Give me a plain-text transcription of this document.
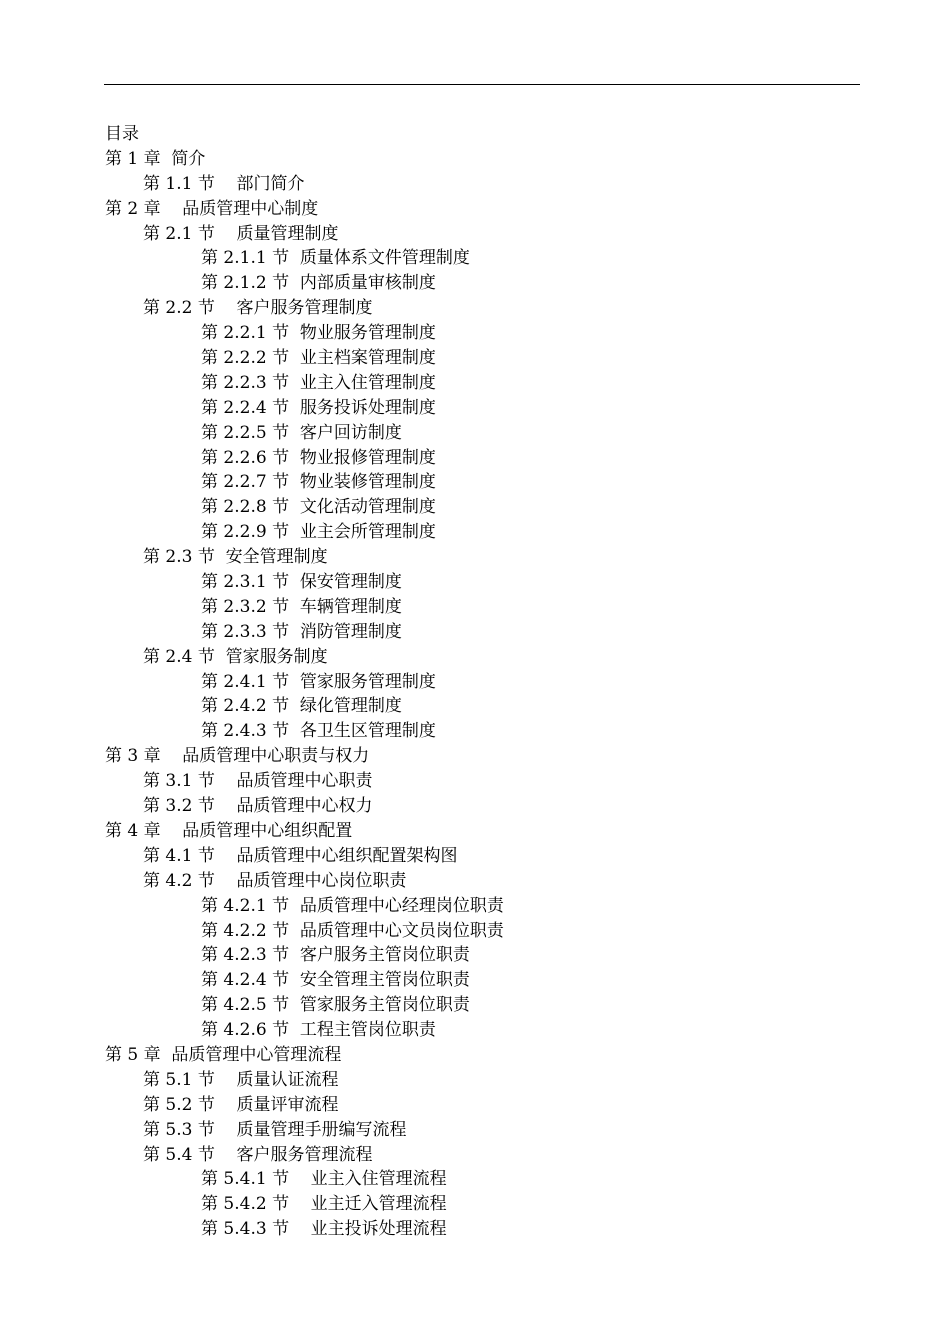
目录
第 1 章  简介
第 1.1 节    部门简介
第 2 章    品质管理中心制度
第 2.1 节    质量管理制度
第 2.1.1 节  质量体系文件管理制度
第 2.1.2 节  内部质量审核制度
第 2.2 节    客户服务管理制度
第 2.2.1 节  物业服务管理制度
第 2.2.2 节  业主档案管理制度
第 2.2.3 节  业主入住管理制度
第 2.2.4 节  服务投诉处理制度
第 2.2.5 节  客户回访制度
第 2.2.6 节  物业报修管理制度
第 2.2.7 节  物业装修管理制度
第 2.2.8 节  文化活动管理制度
第 2.2.9 节  业主会所管理制度
第 2.3 节  安全管理制度
第 2.3.1 节  保安管理制度
第 2.3.2 节  车辆管理制度
第 2.3.3 节  消防管理制度
第 2.4 节  管家服务制度
第 2.4.1 节  管家服务管理制度
第 2.4.2 节  绿化管理制度
第 2.4.3 节  各卫生区管理制度
第 3 章    品质管理中心职责与权力
第 3.1 节    品质管理中心职责
第 3.2 节    品质管理中心权力
第 4 章    品质管理中心组织配置
第 4.1 节    品质管理中心组织配置架构图
第 4.2 节    品质管理中心岗位职责
第 4.2.1 节  品质管理中心经理岗位职责
第 4.2.2 节  品质管理中心文员岗位职责
第 4.2.3 节  客户服务主管岗位职责
第 4.2.4 节  安全管理主管岗位职责
第 4.2.5 节  管家服务主管岗位职责
第 4.2.6 节  工程主管岗位职责
第 5 章  品质管理中心管理流程
第 5.1 节    质量认证流程
第 5.2 节    质量评审流程
第 5.3 节    质量管理手册编写流程
第 5.4 节    客户服务管理流程
第 5.4.1 节    业主入住管理流程
第 5.4.2 节    业主迁入管理流程
第 5.4.3 节    业主投诉处理流程
